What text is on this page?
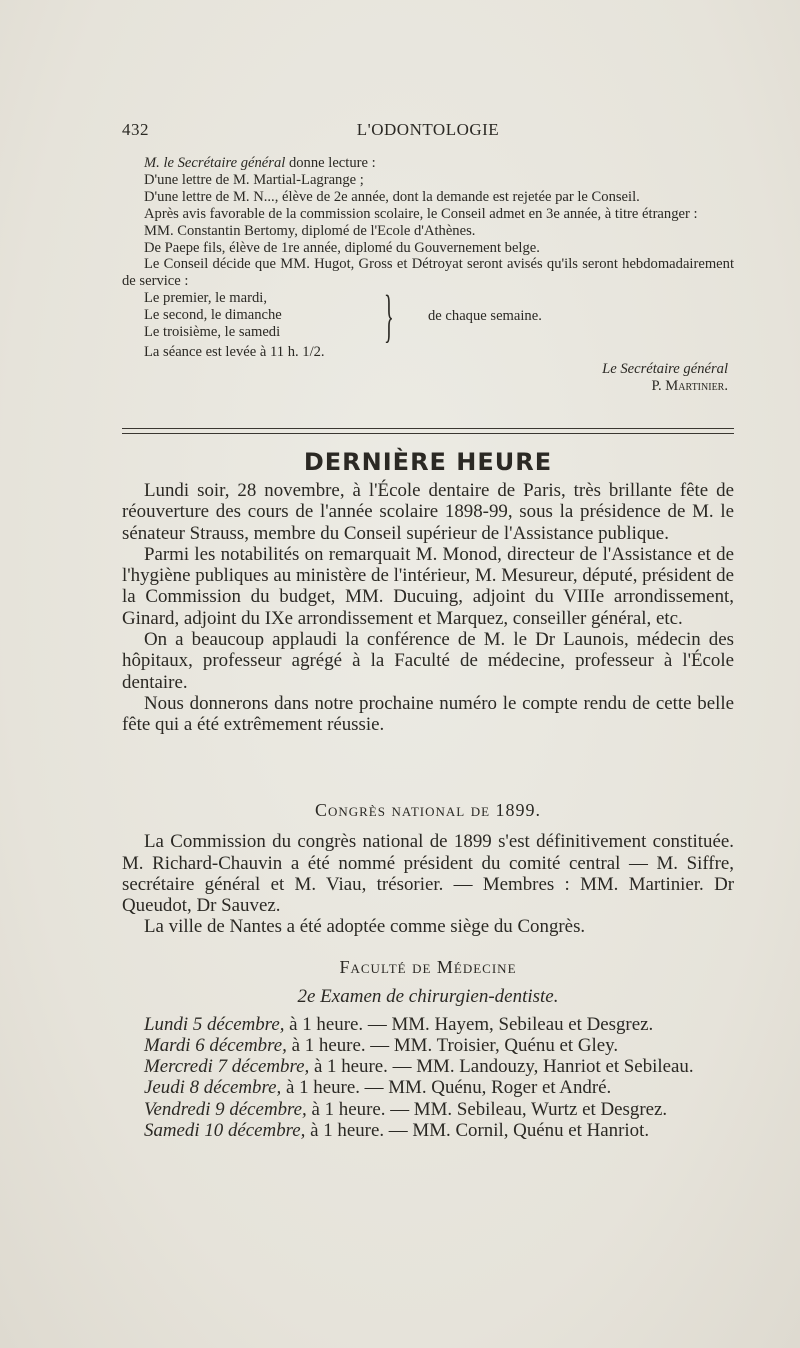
432	L'ODONTOLOGIE

M. le Secrétaire général donne lecture :

D'une lettre de M. Martial-Lagrange ;

D'une lettre de M. N..., élève de 2e année, dont la demande est rejetée par le Conseil.

Après avis favorable de la commission scolaire, le Conseil admet en 3e année, à titre étranger :

MM. Constantin Bertomy, diplomé de l'Ecole d'Athènes.

De Paepe fils, élève de 1re année, diplomé du Gouvernement belge.

Le Conseil décide que MM. Hugot, Gross et Détroyat seront avisés qu'ils seront hebdomadairement de service :

Le premier, le mardi,
Le second, le dimanche
Le troisième, le samedi } de chaque semaine.

La séance est levée à 11 h. 1/2.

Le Secrétaire général

P. Martinier.

DERNIÈRE HEURE

Lundi soir, 28 novembre, à l'École dentaire de Paris, très brillante fête de réouverture des cours de l'année scolaire 1898-99, sous la présidence de M. le sénateur Strauss, membre du Conseil supérieur de l'Assistance publique.

Parmi les notabilités on remarquait M. Monod, directeur de l'Assistance et de l'hygiène publiques au ministère de l'intérieur, M. Mesureur, député, président de la Commission du budget, MM. Ducuing, adjoint du VIIIe arrondissement, Ginard, adjoint du IXe arrondissement et Marquez, conseiller général, etc.

On a beaucoup applaudi la conférence de M. le Dr Launois, médecin des hôpitaux, professeur agrégé à la Faculté de médecine, professeur à l'École dentaire.

Nous donnerons dans notre prochaine numéro le compte rendu de cette belle fête qui a été extrêmement réussie.

Congrès national de 1899.

La Commission du congrès national de 1899 s'est définitivement constituée. M. Richard-Chauvin a été nommé président du comité central — M. Siffre, secrétaire général et M. Viau, trésorier. — Membres : MM. Martinier. Dr Queudot, Dr Sauvez.

La ville de Nantes a été adoptée comme siège du Congrès.

Faculté de Médecine
2e Examen de chirurgien-dentiste.

Lundi 5 décembre, à 1 heure. — MM. Hayem, Sebileau et Desgrez.

Mardi 6 décembre, à 1 heure. — MM. Troisier, Quénu et Gley.

Mercredi 7 décembre, à 1 heure. — MM. Landouzy, Hanriot et Sebileau.

Jeudi 8 décembre, à 1 heure. — MM. Quénu, Roger et André.

Vendredi 9 décembre, à 1 heure. — MM. Sebileau, Wurtz et Desgrez.

Samedi 10 décembre, à 1 heure. — MM. Cornil, Quénu et Hanriot.
